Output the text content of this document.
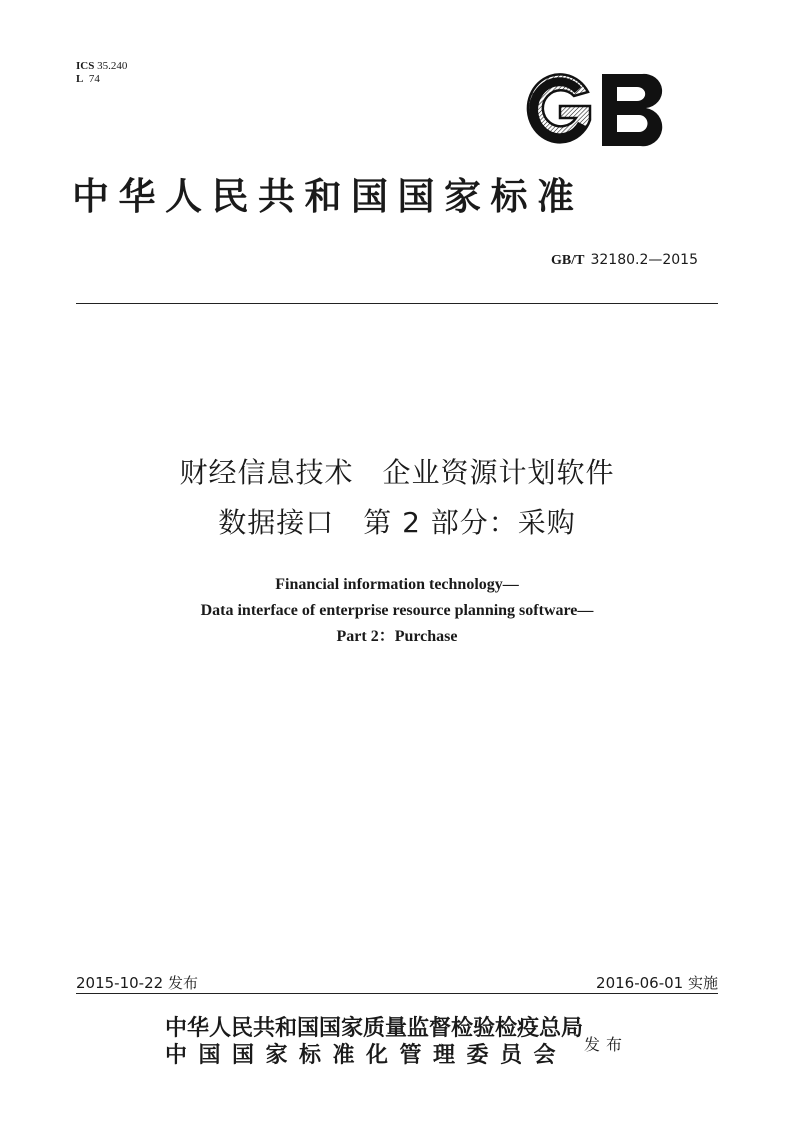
ICS 35.240
L 74
中华人民共和国国家标准
GB/T 32180.2—2015
财经信息技术　企业资源计划软件
数据接口　第 2 部分：采购
Financial information technology—
Data interface of enterprise resource planning software—
Part 2：Purchase
2015-10-22 发布	2016-06-01 实施
中华人民共和国国家质量监督检验检疫总局
中国国家标准化管理委员会 发布
